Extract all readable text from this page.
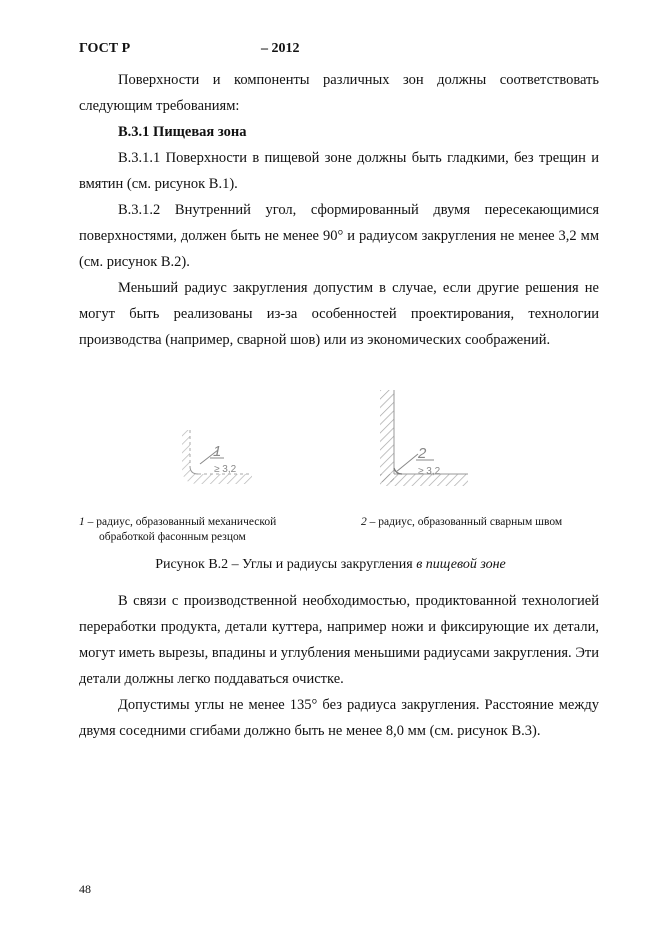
ГОСТ Р	– 2012

Поверхности и компоненты различных зон должны соответствовать следующим требованиям:

В.3.1 Пищевая зона

В.3.1.1 Поверхности в пищевой зоне должны быть гладкими, без трещин и вмятин (см. рисунок В.1).

В.3.1.2 Внутренний угол, сформированный двумя пересекающимися поверхностями, должен быть не менее 90° и радиусом закругления не менее 3,2 мм (см. рисунок В.2).

Меньший радиус закругления допустим в случае, если другие решения не могут быть реализованы из-за особенностей проектирования, технологии производства (например, сварной шов) или из экономических соображений.

1
≥ 3,2
2
≥ 3,2
1 – радиус, образованный механической
обработкой фасонным резцом
2 – радиус, образованный сварным швом
Рисунок В.2 – Углы и радиусы закругления в пищевой зоне

В связи с производственной необходимостью, продиктованной технологией переработки продукта, детали куттера, например ножи и фиксирующие их детали, могут иметь вырезы, впадины и углубления меньшими радиусами закругления. Эти детали должны легко поддаваться очистке.

Допустимы углы не менее 135° без радиуса закругления. Расстояние между двумя соседними сгибами должно быть не менее 8,0 мм (см. рисунок В.3).

48
